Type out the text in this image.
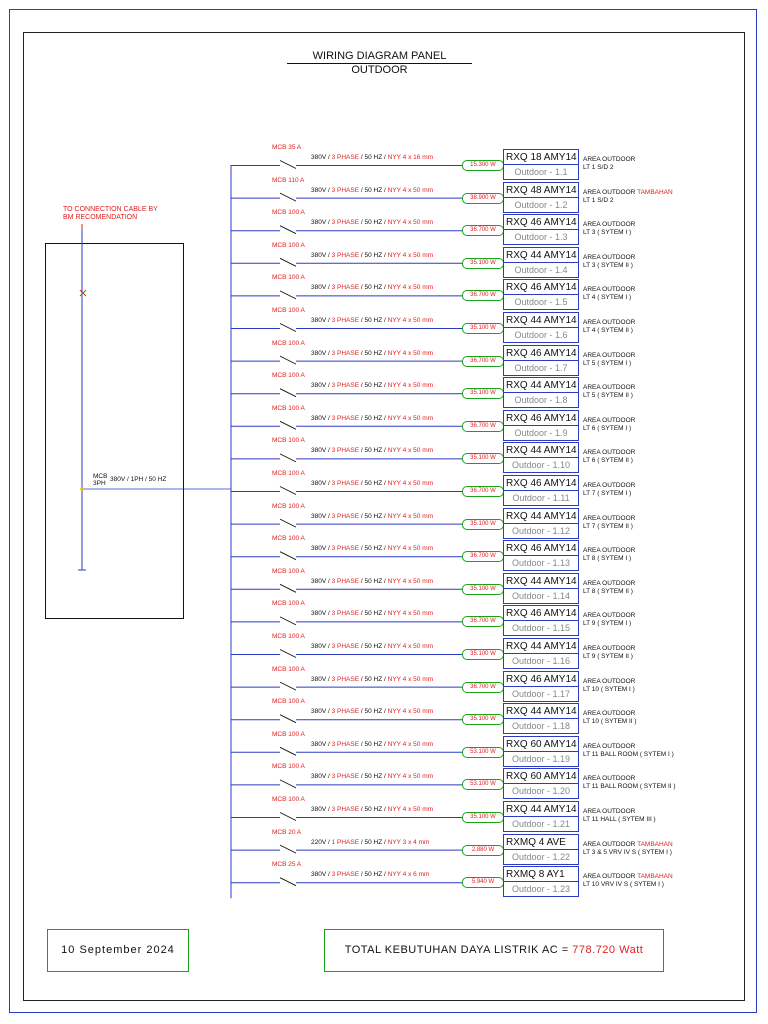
WIRING DIAGRAM PANEL
OUTDOOR
TO CONNECTION CABLE BY
BM RECOMENDATION
MCB
3PH
380V / 1PH / 50 HZ
MCB 35 A
380V / 3 PHASE / 50 HZ / NYY 4 x 16 mm
15.300 W
RXQ 18 AMY14
Outdoor - 1.1
AREA OUTDOOR
LT 1 S/D 2
MCB 110 A
380V / 3 PHASE / 50 HZ / NYY 4 x 50 mm
38.900 W
RXQ 48 AMY14
Outdoor - 1.2
AREA OUTDOOR TAMBAHAN
LT 1 S/D 2
MCB 100 A
380V / 3 PHASE / 50 HZ / NYY 4 x 50 mm
36.700 W
RXQ 46 AMY14
Outdoor - 1.3
AREA OUTDOOR
LT 3 ( SYTEM I )
MCB 100 A
380V / 3 PHASE / 50 HZ / NYY 4 x 50 mm
35.100 W
RXQ 44 AMY14
Outdoor - 1.4
AREA OUTDOOR
LT 3 ( SYTEM II )
MCB 100 A
380V / 3 PHASE / 50 HZ / NYY 4 x 50 mm
36.700 W
RXQ 46 AMY14
Outdoor - 1.5
AREA OUTDOOR
LT 4 ( SYTEM I )
MCB 100 A
380V / 3 PHASE / 50 HZ / NYY 4 x 50 mm
35.100 W
RXQ 44 AMY14
Outdoor - 1.6
AREA OUTDOOR
LT 4 ( SYTEM II )
MCB 100 A
380V / 3 PHASE / 50 HZ / NYY 4 x 50 mm
36.700 W
RXQ 46 AMY14
Outdoor - 1.7
AREA OUTDOOR
LT 5 ( SYTEM I )
MCB 100 A
380V / 3 PHASE / 50 HZ / NYY 4 x 50 mm
35.100 W
RXQ 44 AMY14
Outdoor - 1.8
AREA OUTDOOR
LT 5 ( SYTEM II )
MCB 100 A
380V / 3 PHASE / 50 HZ / NYY 4 x 50 mm
36.700 W
RXQ 46 AMY14
Outdoor - 1.9
AREA OUTDOOR
LT 6 ( SYTEM I )
MCB 100 A
380V / 3 PHASE / 50 HZ / NYY 4 x 50 mm
35.100 W
RXQ 44 AMY14
Outdoor - 1.10
AREA OUTDOOR
LT 6 ( SYTEM II )
MCB 100 A
380V / 3 PHASE / 50 HZ / NYY 4 x 50 mm
36.700 W
RXQ 46 AMY14
Outdoor - 1.11
AREA OUTDOOR
LT 7 ( SYTEM I )
MCB 100 A
380V / 3 PHASE / 50 HZ / NYY 4 x 50 mm
35.100 W
RXQ 44 AMY14
Outdoor - 1.12
AREA OUTDOOR
LT 7 ( SYTEM II )
MCB 100 A
380V / 3 PHASE / 50 HZ / NYY 4 x 50 mm
36.700 W
RXQ 46 AMY14
Outdoor - 1.13
AREA OUTDOOR
LT 8 ( SYTEM I )
MCB 100 A
380V / 3 PHASE / 50 HZ / NYY 4 x 50 mm
35.100 W
RXQ 44 AMY14
Outdoor - 1.14
AREA OUTDOOR
LT 8 ( SYTEM II )
MCB 100 A
380V / 3 PHASE / 50 HZ / NYY 4 x 50 mm
36.700 W
RXQ 46 AMY14
Outdoor - 1.15
AREA OUTDOOR
LT 9 ( SYTEM I )
MCB 100 A
380V / 3 PHASE / 50 HZ / NYY 4 x 50 mm
35.100 W
RXQ 44 AMY14
Outdoor - 1.16
AREA OUTDOOR
LT 9 ( SYTEM II )
MCB 100 A
380V / 3 PHASE / 50 HZ / NYY 4 x 50 mm
36.700 W
RXQ 46 AMY14
Outdoor - 1.17
AREA OUTDOOR
LT 10 ( SYTEM I )
MCB 100 A
380V / 3 PHASE / 50 HZ / NYY 4 x 50 mm
35.100 W
RXQ 44 AMY14
Outdoor - 1.18
AREA OUTDOOR
LT 10 ( SYTEM II )
MCB 100 A
380V / 3 PHASE / 50 HZ / NYY 4 x 50 mm
53.100 W
RXQ 60 AMY14
Outdoor - 1.19
AREA OUTDOOR
LT 11 BALL ROOM ( SYTEM I )
MCB 100 A
380V / 3 PHASE / 50 HZ / NYY 4 x 50 mm
53.100 W
RXQ 60 AMY14
Outdoor - 1.20
AREA OUTDOOR
LT 11 BALL ROOM ( SYTEM II )
MCB 100 A
380V / 3 PHASE / 50 HZ / NYY 4 x 50 mm
35.100 W
RXQ 44 AMY14
Outdoor - 1.21
AREA OUTDOOR
LT 11 HALL ( SYTEM III )
MCB 20 A
220V / 1 PHASE / 50 HZ / NYY 3 x 4 mm
2.880 W
RXMQ 4 AVE
Outdoor - 1.22
AREA OUTDOOR TAMBAHAN
LT 3 & 5 VRV IV S ( SYTEM I )
MCB 25 A
380V / 3 PHASE / 50 HZ / NYY 4 x 6 mm
5.940 W
RXMQ 8 AY1
Outdoor - 1.23
AREA OUTDOOR TAMBAHAN
LT 10 VRV IV S ( SYTEM I )
10 September 2024	TOTAL KEBUTUHAN DAYA LISTRIK AC = 778.720 Watt
